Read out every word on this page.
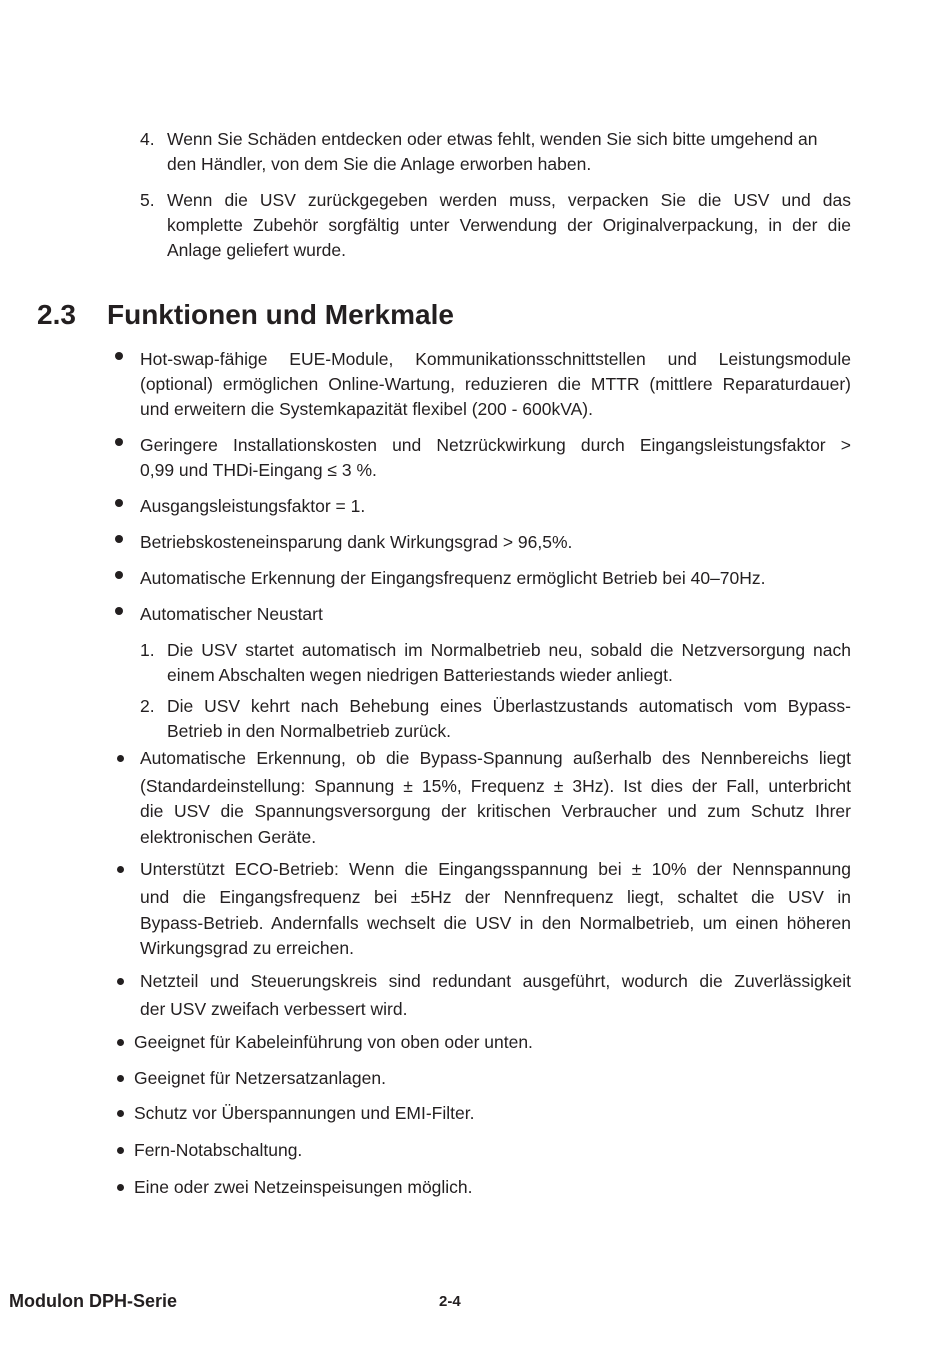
4. Wenn Sie Schäden entdecken oder etwas fehlt, wenden Sie sich bitte umgehend an
den Händler, von dem Sie die Anlage erworben haben.
5. Wenn die USV zurückgegeben werden muss, verpacken Sie die USV und das
komplette Zubehör sorgfältig unter Verwendung der Originalverpackung, in der die
Anlage geliefert wurde.
2.3 Funktionen und Merkmale
Hot-swap-fähige EUE-Module, Kommunikationsschnittstellen und Leistungsmodule
(optional) ermöglichen Online-Wartung, reduzieren die MTTR (mittlere Reparaturdauer)
und erweitern die Systemkapazität flexibel (200 - 600kVA).
Geringere Installationskosten und Netzrückwirkung durch Eingangsleistungsfaktor >
0,99 und THDi-Eingang ≤ 3 %.
Ausgangsleistungsfaktor = 1.
Betriebskosteneinsparung dank Wirkungsgrad > 96,5%.
Automatische Erkennung der Eingangsfrequenz ermöglicht Betrieb bei 40–70Hz.
Automatischer Neustart
1. Die USV startet automatisch im Normalbetrieb neu, sobald die Netzversorgung nach
einem Abschalten wegen niedrigen Batteriestands wieder anliegt.
2. Die USV kehrt nach Behebung eines Überlastzustands automatisch vom Bypass-
Betrieb in den Normalbetrieb zurück.
Automatische Erkennung, ob die Bypass-Spannung außerhalb des Nennbereichs liegt
(Standardeinstellung: Spannung ± 15%, Frequenz ± 3Hz). Ist dies der Fall, unterbricht
die USV die Spannungsversorgung der kritischen Verbraucher und zum Schutz Ihrer
elektronischen Geräte.
Unterstützt ECO-Betrieb: Wenn die Eingangsspannung bei ± 10% der Nennspannung
und die Eingangsfrequenz bei ±5Hz der Nennfrequenz liegt, schaltet die USV in
Bypass-Betrieb. Andernfalls wechselt die USV in den Normalbetrieb, um einen höheren
Wirkungsgrad zu erreichen.
Netzteil und Steuerungskreis sind redundant ausgeführt, wodurch die Zuverlässigkeit
der USV zweifach verbessert wird.
Geeignet für Kabeleinführung von oben oder unten.
Geeignet für Netzersatzanlagen.
Schutz vor Überspannungen und EMI-Filter.
Fern-Notabschaltung.
Eine oder zwei Netzeinspeisungen möglich.
Modulon DPH-Serie	2-4
